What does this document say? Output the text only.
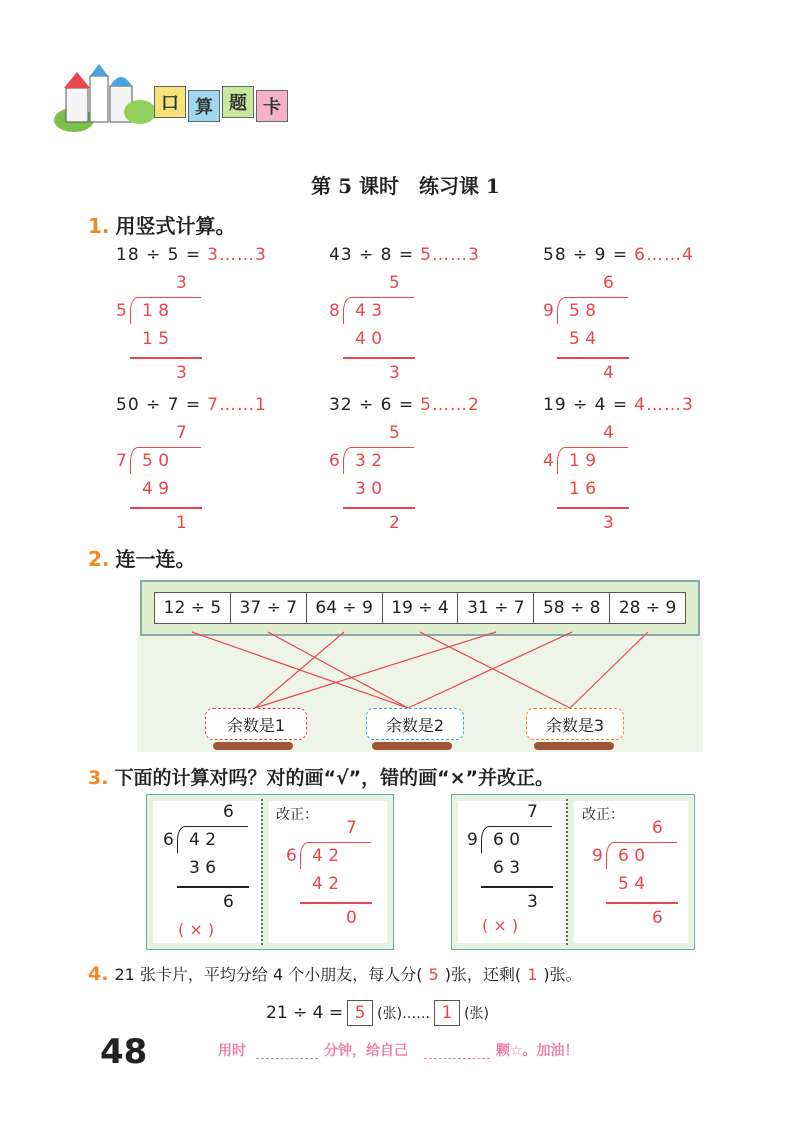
口 算 题 卡
第 5 课时　练习课 1
1. 用竖式计算。
18 ÷ 5 = 3……3
3
5 1 8
1 5
3
43 ÷ 8 = 5……3
5
8 4 3
4 0
3
58 ÷ 9 = 6……4
6
9 5 8
5 4
4
50 ÷ 7 = 7……1
7
7 5 0
4 9
1
32 ÷ 6 = 5……2
5
6 3 2
3 0
2
19 ÷ 4 = 4……3
4
4 1 9
1 6
3
2. 连一连。
12 ÷ 5	37 ÷ 7	64 ÷ 9	19 ÷ 4	31 ÷ 7	58 ÷ 8	28 ÷ 9
余数是1	余数是2	余数是3
3. 下面的计算对吗？对的画“√”，错的画“×”并改正。
改正：	改正：
( × )	( × )
6
6 4 2
3 6
6
7
6 4 2
4 2
0
7
9 6 0
6 3
3
6
9 6 0
5 4
6
4. 21 张卡片，平均分给 4 个小朋友，每人分( 5 )张，还剩( 1 )张。
21 ÷ 4 = 5 (张)…… 1 (张)
48	用时	分钟，给自己	颗☆。加油！
